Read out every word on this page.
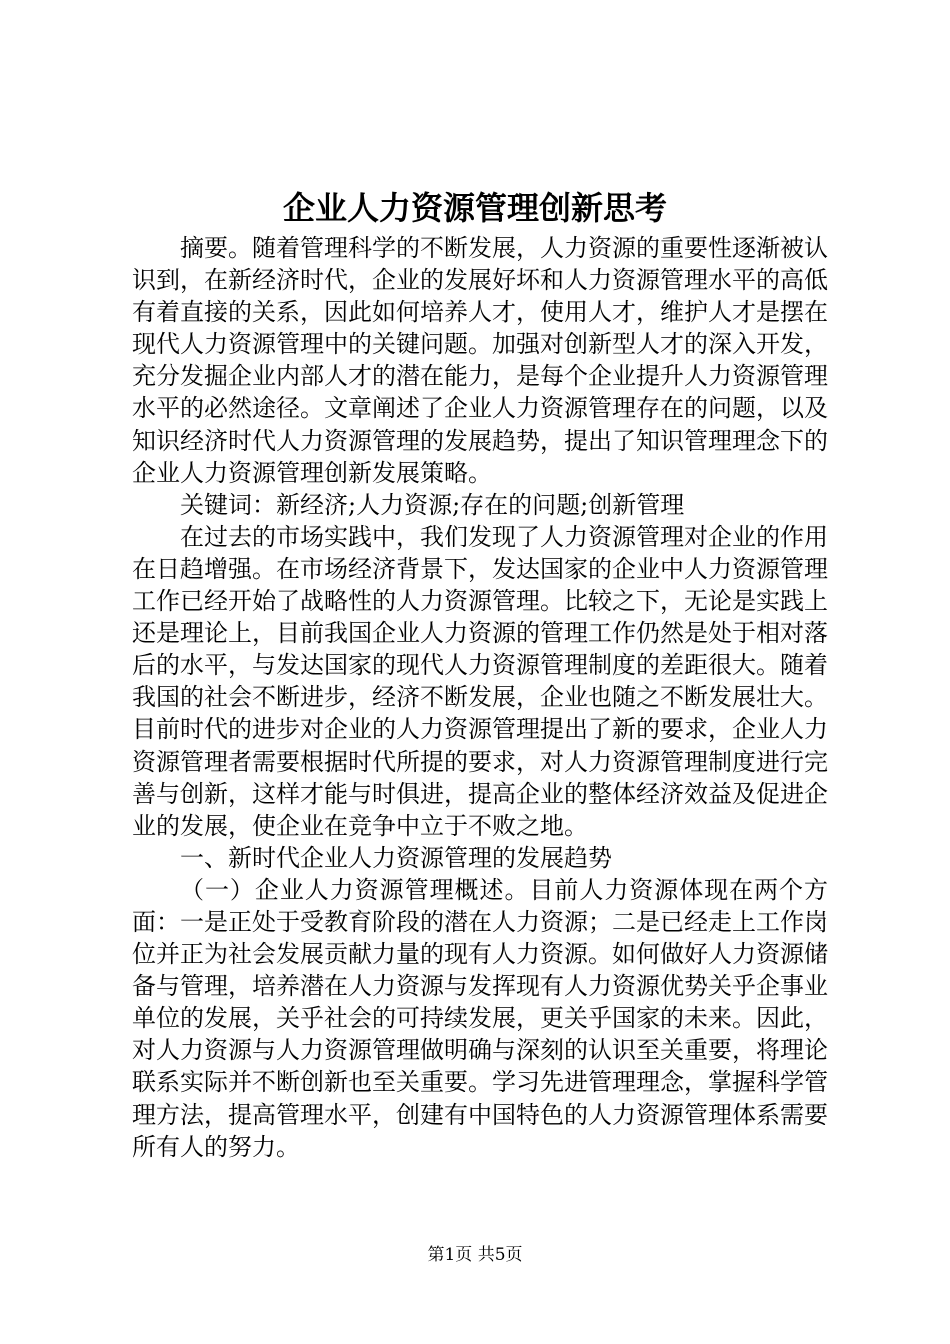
企业人力资源管理创新思考

摘要。随着管理科学的不断发展，人力资源的重要性逐渐被认识到，在新经济时代，企业的发展好坏和人力资源管理水平的高低有着直接的关系，因此如何培养人才，使用人才，维护人才是摆在现代人力资源管理中的关键问题。加强对创新型人才的深入开发，充分发掘企业内部人才的潜在能力，是每个企业提升人力资源管理水平的必然途径。文章阐述了企业人力资源管理存在的问题，以及知识经济时代人力资源管理的发展趋势，提出了知识管理理念下的企业人力资源管理创新发展策略。

关键词：新经济;人力资源;存在的问题;创新管理

在过去的市场实践中，我们发现了人力资源管理对企业的作用在日趋增强。在市场经济背景下，发达国家的企业中人力资源管理工作已经开始了战略性的人力资源管理。比较之下，无论是实践上还是理论上，目前我国企业人力资源的管理工作仍然是处于相对落后的水平，与发达国家的现代人力资源管理制度的差距很大。随着我国的社会不断进步，经济不断发展，企业也随之不断发展壮大。目前时代的进步对企业的人力资源管理提出了新的要求，企业人力资源管理者需要根据时代所提的要求，对人力资源管理制度进行完善与创新，这样才能与时俱进，提高企业的整体经济效益及促进企业的发展，使企业在竞争中立于不败之地。

一、新时代企业人力资源管理的发展趋势

（一）企业人力资源管理概述。目前人力资源体现在两个方面：一是正处于受教育阶段的潜在人力资源；二是已经走上工作岗位并正为社会发展贡献力量的现有人力资源。如何做好人力资源储备与管理，培养潜在人力资源与发挥现有人力资源优势关乎企事业单位的发展，关乎社会的可持续发展，更关乎国家的未来。因此，对人力资源与人力资源管理做明确与深刻的认识至关重要，将理论联系实际并不断创新也至关重要。学习先进管理理念，掌握科学管理方法，提高管理水平，创建有中国特色的人力资源管理体系需要所有人的努力。

第1页 共5页
